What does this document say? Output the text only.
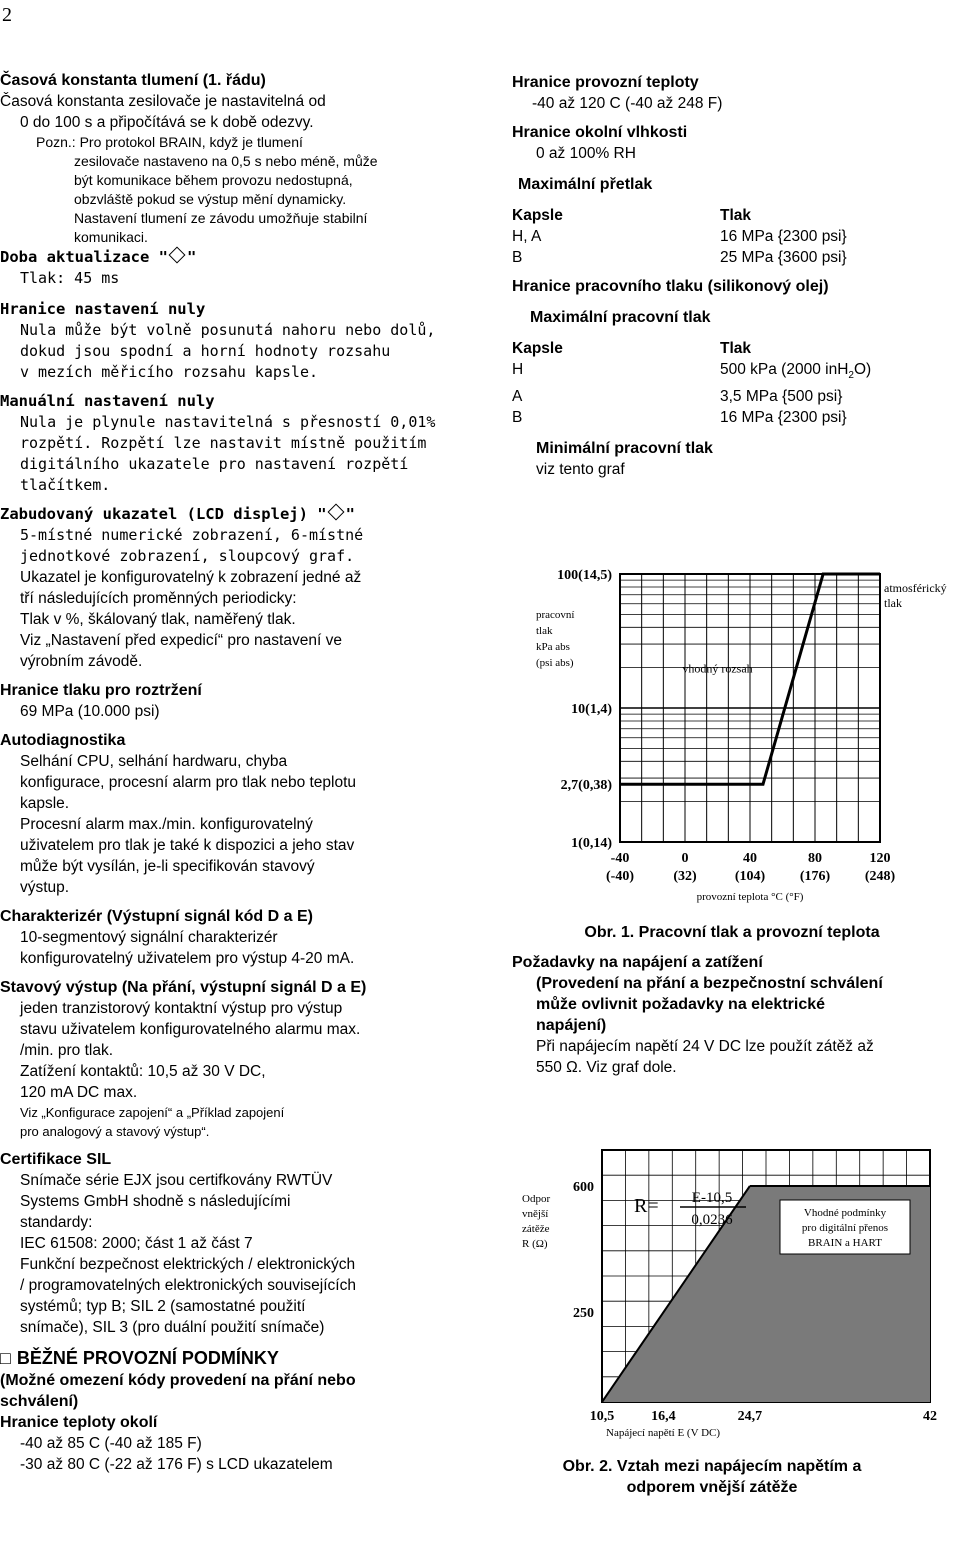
2

Časová konstanta tlumení (1. řádu)

Časová konstanta zesilovače je nastavitelná od

0 do 100 s a připočítává se k době odezvy.

Pozn.: Pro protokol BRAIN, když je tlumení

zesilovače nastaveno na 0,5 s nebo méně, může

být komunikace během provozu nedostupná,

obzvláště pokud se výstup mění dynamicky.

Nastavení tlumení ze závodu umožňuje stabilní

komunikaci.

Doba aktualizace " "

Tlak: 45 ms

Hranice nastavení nuly

Nula může být volně posunutá nahoru nebo dolů,

dokud jsou spodní a horní hodnoty rozsahu

v mezích měřicího rozsahu kapsle.

Manuální nastavení nuly

Nula je plynule nastavitelná s přesností 0,01%

rozpětí. Rozpětí lze nastavit místně použitím

digitálního ukazatele pro nastavení rozpětí

tlačítkem.

Zabudovaný ukazatel (LCD displej) " "

5-místné numerické zobrazení, 6-místné

jednotkové zobrazení, sloupcový graf.

Ukazatel je konfigurovatelný k zobrazení jedné až

tří následujících proměnných periodicky:

Tlak v %, škálovaný tlak, naměřený tlak.

Viz „Nastavení před expedicí“ pro nastavení ve

výrobním závodě.

Hranice tlaku pro roztržení

69 MPa (10.000 psi)

Autodiagnostika

Selhání CPU, selhání hardwaru, chyba

konfigurace, procesní alarm pro tlak nebo teplotu

kapsle.

Procesní alarm max./min. konfigurovatelný

uživatelem pro tlak je také k dispozici a jeho stav

může být vysílán, je-li specifikován stavový

výstup.

Charakterizér (Výstupní signál kód D a E)

10-segmentový signální charakterizér

konfigurovatelný uživatelem pro výstup 4-20 mA.

Stavový výstup (Na přání, výstupní signál D a E)

jeden tranzistorový kontaktní výstup pro výstup

stavu uživatelem konfigurovatelného alarmu max.

/min. pro tlak.

Zatížení kontaktů: 10,5 až 30 V DC,

120 mA DC max.

Viz „Konfigurace zapojení“ a „Příklad zapojení

pro analogový a stavový výstup“.

Certifikace SIL

Snímače série EJX jsou certifkovány RWTÜV

Systems GmbH shodně s následujícími

standardy:

IEC 61508: 2000; část 1 až část 7

Funkční bezpečnost elektrických / elektronických

/ programovatelných elektronických souvisejících

systémů; typ B; SIL 2 (samostatné použití

snímače), SIL 3 (pro duální použití snímače)

□ BĚŽNÉ PROVOZNÍ PODMÍNKY

(Možné omezení kódy provedení na přání nebo

schválení)

Hranice teploty okolí

-40 až 85 C (-40 až 185 F)

-30 až 80 C (-22 až 176 F) s LCD ukazatelem

Hranice provozní teploty

-40 až 120 C (-40 až 248 F)

Hranice okolní vlhkosti

0 až 100% RH

Maximální přetlak

Kapsle	Tlak
H, A	16 MPa {2300 psi}
B	25 MPa {3600 psi}

Hranice pracovního tlaku (silikonový olej)

Maximální pracovní tlak

Kapsle	Tlak
H	500 kPa (2000 inH$_2$O)
A	3,5 MPa {500 psi}
B	16 MPa {2300 psi}

Minimální pracovní tlak

viz tento graf

100(14,5)
10(1,4)
2,7(0,38)
1(0,14)
-40
(-40)
0
(32)
40
(104)
80
(176)
120
(248)
pracovní
tlak
kPa abs
(psi abs)	vhodný rozsah
atmosférický
tlak
provozní teplota °C (°F)
Obr. 1. Pracovní tlak a provozní teplota

Požadavky na napájení a zatížení

(Provedení na přání a bezpečnostní schválení

může ovlivnit požadavky na elektrické

napájení)

Při napájecím napětí 24 V DC lze použít zátěž až

550 Ω. Viz graf dole.

600
250
10,5	16,4	24,7	42
Odpor
vnější
zátěže
R (Ω)
Napájecí napětí E (V DC)
R= E-10,5
0,0236	Vhodné podmínky
pro digitální přenos
BRAIN a HART
Obr. 2. Vztah mezi napájecím napětím a
odporem vnější zátěže
